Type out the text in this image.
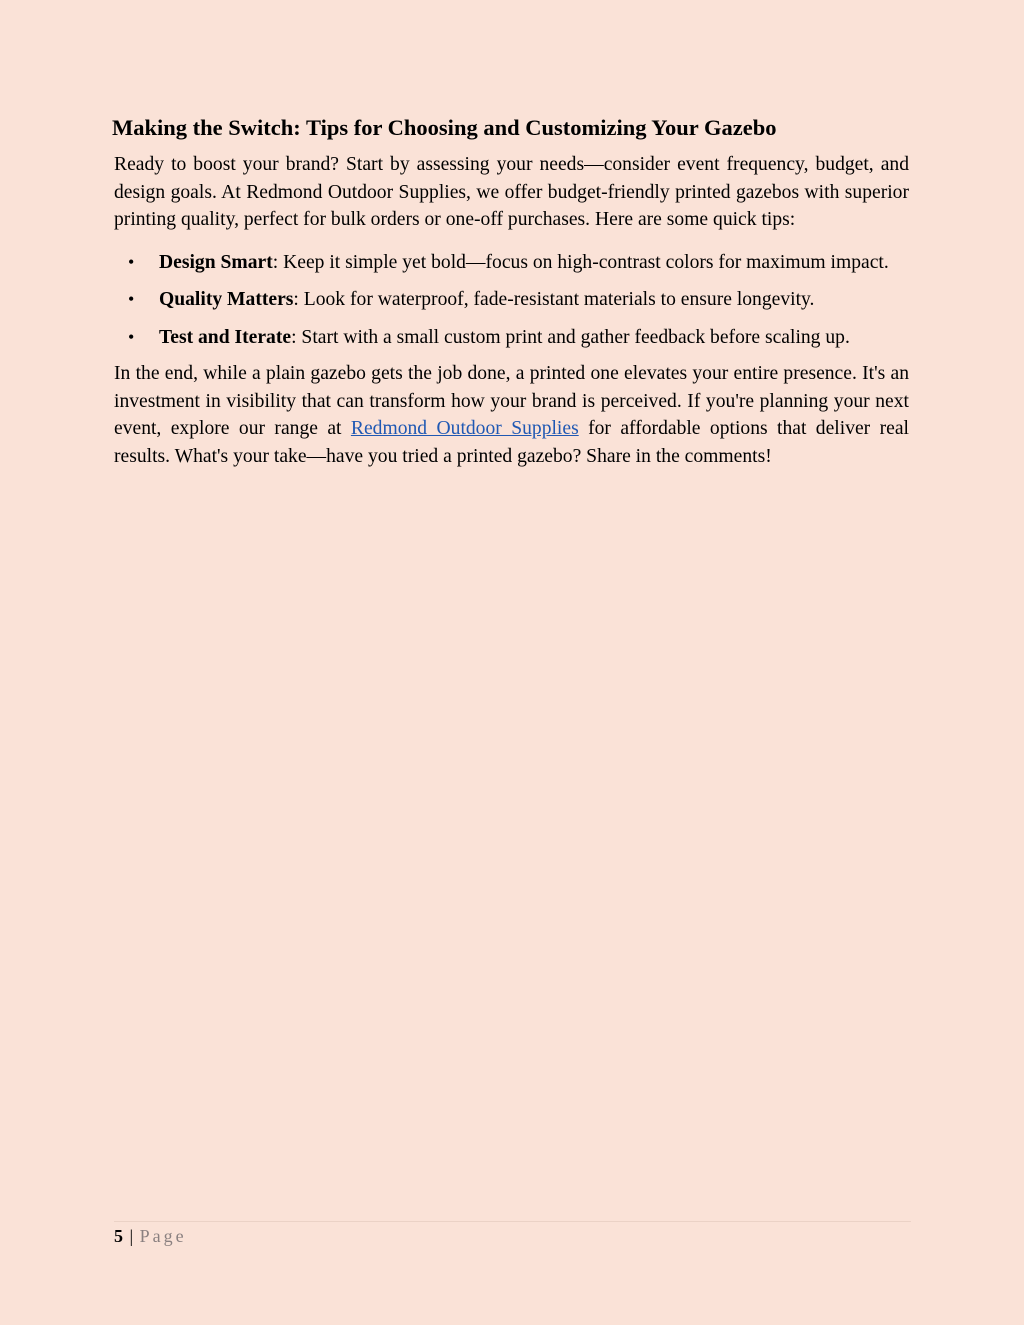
Making the Switch: Tips for Choosing and Customizing Your Gazebo

Ready to boost your brand? Start by assessing your needs—consider event frequency, budget, and design goals. At Redmond Outdoor Supplies, we offer budget-friendly printed gazebos with superior printing quality, perfect for bulk orders or one-off purchases. Here are some quick tips:

• Design Smart: Keep it simple yet bold—focus on high-contrast colors for maximum impact.
• Quality Matters: Look for waterproof, fade-resistant materials to ensure longevity.
• Test and Iterate: Start with a small custom print and gather feedback before scaling up.

In the end, while a plain gazebo gets the job done, a printed one elevates your entire presence. It's an investment in visibility that can transform how your brand is perceived. If you're planning your next event, explore our range at Redmond Outdoor Supplies for affordable options that deliver real results. What's your take—have you tried a printed gazebo? Share in the comments!

5 | Page
